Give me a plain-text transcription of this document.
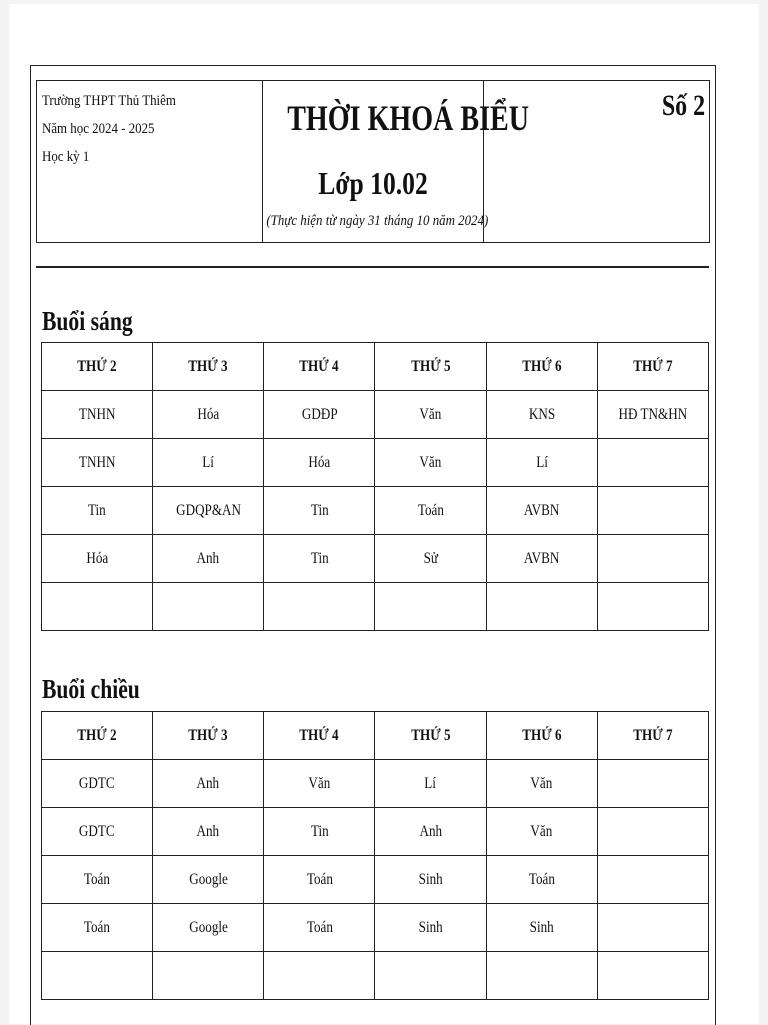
Trường THPT Thủ Thiêm
Năm học 2024 - 2025
Học kỳ 1
THỜI KHOÁ BIỂU
Lớp 10.02
(Thực hiện từ ngày 31 tháng 10 năm 2024)
Số 2
Buổi sáng
THỨ 2	THỨ 3	THỨ 4	THỨ 5	THỨ 6	THỨ 7
TNHN	Hóa	GDĐP	Văn	KNS	HĐ TN&HN
TNHN	Lí	Hóa	Văn	Lí	
Tin	GDQP&AN	Tin	Toán	AVBN	
Hóa	Anh	Tin	Sử	AVBN	

Buổi chiều
THỨ 2	THỨ 3	THỨ 4	THỨ 5	THỨ 6	THỨ 7
GDTC	Anh	Văn	Lí	Văn	
GDTC	Anh	Tin	Anh	Văn	
Toán	Google	Toán	Sinh	Toán	
Toán	Google	Toán	Sinh	Sinh	
